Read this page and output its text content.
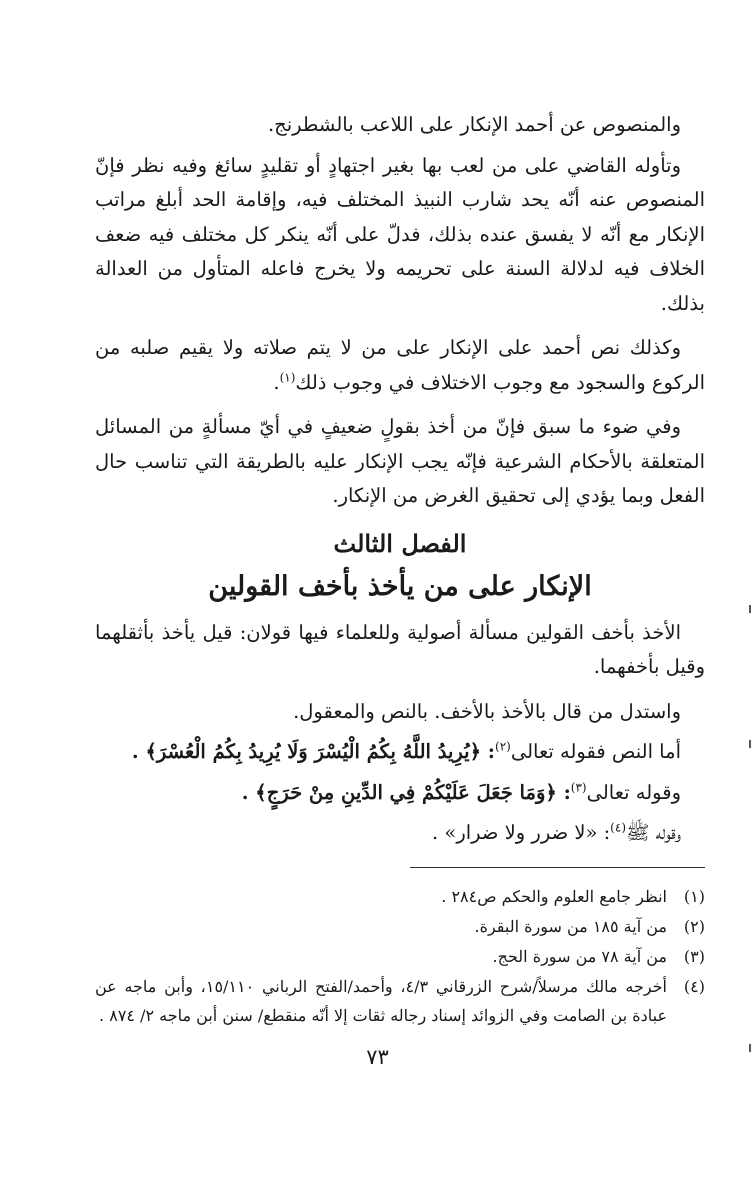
والمنصوص عن أحمد الإنكار على اللاعب بالشطرنج.

وتأوله القاضي على من لعب بها بغير اجتهادٍ أو تقليدٍ سائغ وفيه نظر فإنّ المنصوص عنه أنّه يحد شارب النبيذ المختلف فيه، وإقامة الحد أبلغ مراتب الإنكار مع أنّه لا يفسق عنده بذلك، فدلّ على أنّه ينكر كل مختلف فيه ضعف الخلاف فيه لدلالة السنة على تحريمه ولا يخرج فاعله المتأول من العدالة بذلك.

وكذلك نص أحمد على الإنكار على من لا يتم صلاته ولا يقيم صلبه من الركوع والسجود مع وجوب الاختلاف في وجوب ذلك$^{(١)}$.

وفي ضوء ما سبق فإنّ من أخذ بقولٍ ضعيفٍ في أيّ مسألةٍ من المسائل المتعلقة بالأحكام الشرعية فإنّه يجب الإنكار عليه بالطريقة التي تناسب حال الفعل وبما يؤدي إلى تحقيق الغرض من الإنكار.

الفصل الثالث
الإنكار على من يأخذ بأخف القولين

الأخذ بأخف القولين مسألة أصولية وللعلماء فيها قولان: قيل يأخذ بأثقلهما وقيل بأخفهما.

واستدل من قال بالأخذ بالأخف. بالنص والمعقول.

أما النص فقوله تعالى$^{(٢)}$: ﴿يُرِيدُ اللَّهُ بِكُمُ الْيُسْرَ وَلَا يُرِيدُ بِكُمُ الْعُسْرَ﴾ .

وقوله تعالى$^{(٣)}$: ﴿وَمَا جَعَلَ عَلَيْكُمْ فِي الدِّينِ مِنْ حَرَجٍ﴾ .

وقوله ﷺ$^{(٤)}$: «لا ضرر ولا ضرار» .

(١)
انظر جامع العلوم والحكم ص٢٨٤ .
(٢)
من آية ١٨٥ من سورة البقرة.
(٣)
من آية ٧٨ من سورة الحج.
(٤)
أخرجه مالك مرسلاً/شرح الزرقاني ٤/٣، وأحمد/الفتح الرباني ١٥/١١٠، وأبن ماجه عن عبادة بن الصامت وفي الزوائد إسناد رجاله ثقات إلا أنّه منقطع/ سنن أبن ماجه ٢/ ٨٧٤ .
٧٣
